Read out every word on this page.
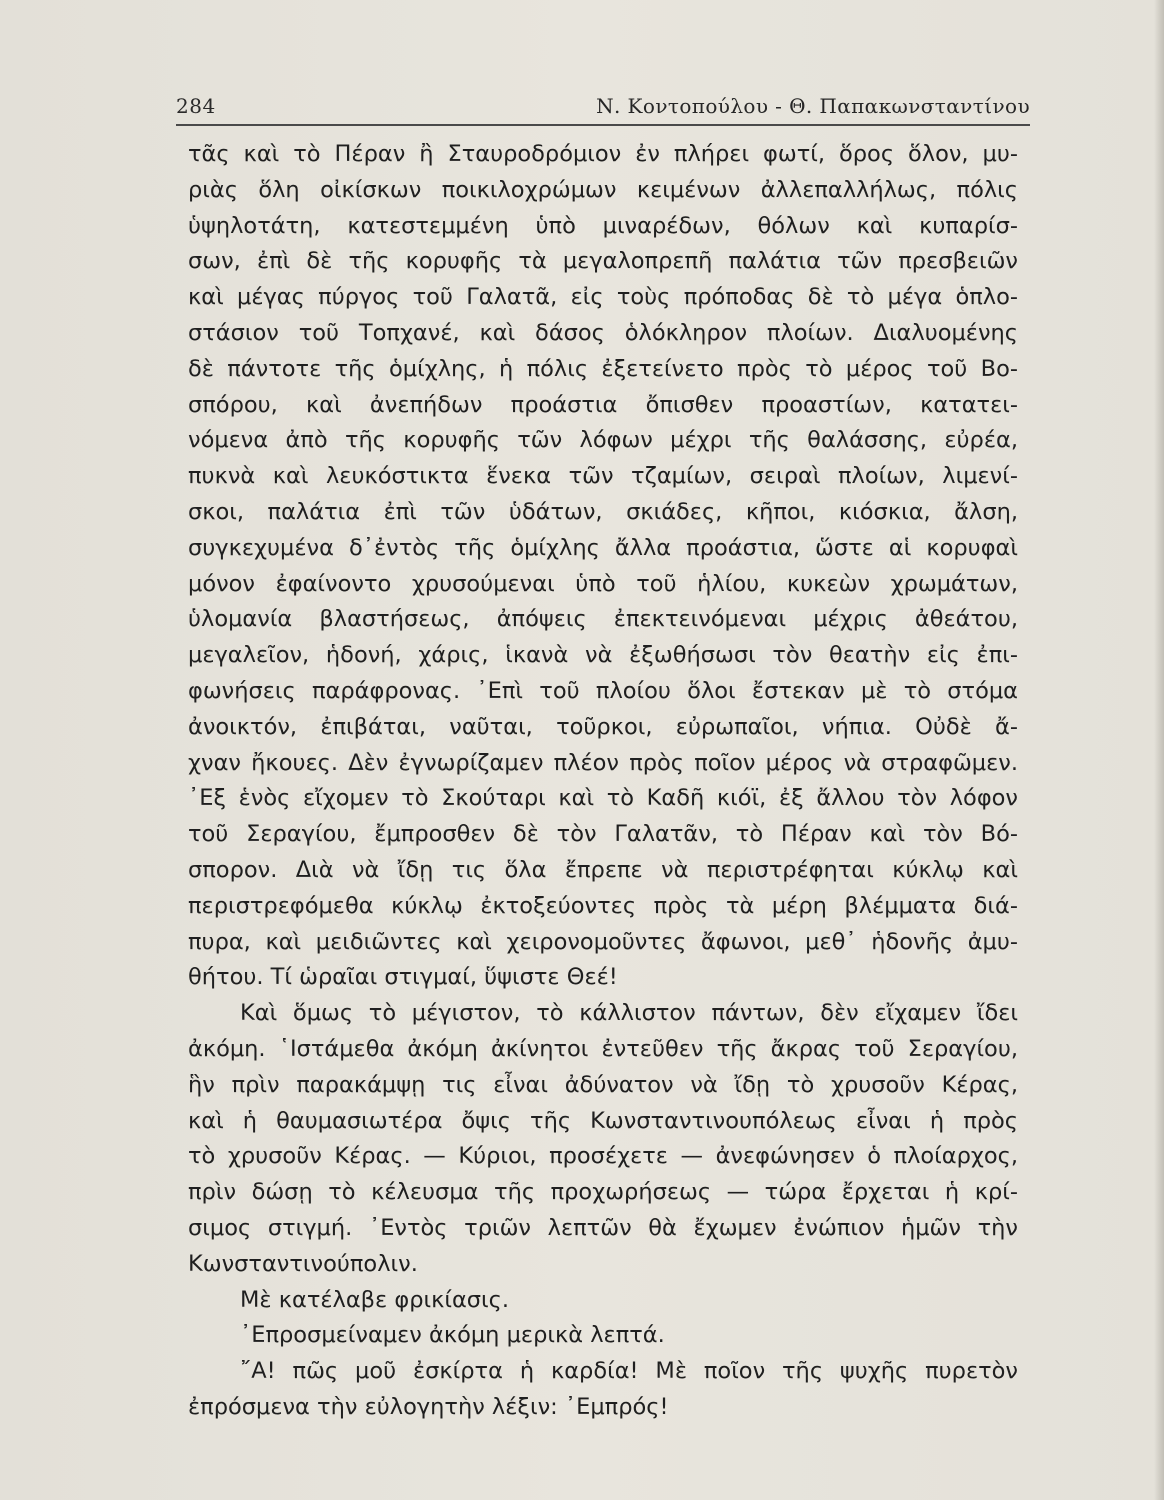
284	Ν. Κοντοπούλου - Θ. Παπακωνσταντίνου
τᾶς καὶ τὸ Πέραν ἢ Σταυροδρόμιον ἐν πλήρει φωτί, ὅρος ὅλον, μυ-
ριὰς ὅλη οἰκίσκων ποικιλοχρώμων κειμένων ἀλλεπαλλήλως, πόλις
ὑψηλοτάτη, κατεστεμμένη ὑπὸ μιναρέδων, θόλων καὶ κυπαρίσ-
σων, ἐπὶ δὲ τῆς κορυφῆς τὰ μεγαλοπρεπῆ παλάτια τῶν πρεσβειῶν
καὶ μέγας πύργος τοῦ Γαλατᾶ, εἰς τοὺς πρόποδας δὲ τὸ μέγα ὁπλο-
στάσιον τοῦ Τοπχανέ, καὶ δάσος ὁλόκληρον πλοίων. Διαλυομένης
δὲ πάντοτε τῆς ὁμίχλης, ἡ πόλις ἐξετείνετο πρὸς τὸ μέρος τοῦ Βο-
σπόρου, καὶ ἀνεπήδων προάστια ὄπισθεν προαστίων, κατατει-
νόμενα ἀπὸ τῆς κορυφῆς τῶν λόφων μέχρι τῆς θαλάσσης, εὐρέα,
πυκνὰ καὶ λευκόστικτα ἕνεκα τῶν τζαμίων, σειραὶ πλοίων, λιμενί-
σκοι, παλάτια ἐπὶ τῶν ὑδάτων, σκιάδες, κῆποι, κιόσκια, ἄλση,
συγκεχυμένα δ᾿ἐντὸς τῆς ὁμίχλης ἄλλα προάστια, ὥστε αἱ κορυφαὶ
μόνον ἐφαίνοντο χρυσούμεναι ὑπὸ τοῦ ἡλίου, κυκεὼν χρωμάτων,
ὑλομανία βλαστήσεως, ἀπόψεις ἐπεκτεινόμεναι μέχρις ἀθεάτου,
μεγαλεῖον, ἡδονή, χάρις, ἱκανὰ νὰ ἐξωθήσωσι τὸν θεατὴν εἰς ἐπι-
φωνήσεις παράφρονας. ᾿Επὶ τοῦ πλοίου ὅλοι ἔστεκαν μὲ τὸ στόμα
ἀνοικτόν, ἐπιβάται, ναῦται, τοῦρκοι, εὐρωπαῖοι, νήπια. Οὐδὲ ἄ-
χναν ἤκουες. Δὲν ἐγνωρίζαμεν πλέον πρὸς ποῖον μέρος νὰ στραφῶμεν.
᾿Εξ ἑνὸς εἴχομεν τὸ Σκούταρι καὶ τὸ Καδῆ κιόϊ, ἐξ ἄλλου τὸν λόφον
τοῦ Σεραγίου, ἔμπροσθεν δὲ τὸν Γαλατᾶν, τὸ Πέραν καὶ τὸν Βό-
σπορον. Διὰ νὰ ἴδῃ τις ὅλα ἔπρεπε νὰ περιστρέφηται κύκλῳ καὶ
περιστρεφόμεθα κύκλῳ ἐκτοξεύοντες πρὸς τὰ μέρη βλέμματα διά-
πυρα, καὶ μειδιῶντες καὶ χειρονομοῦντες ἄφωνοι, μεθ᾿ ἡδονῆς ἀμυ-
θήτου. Τί ὡραῖαι στιγμαί, ὕψιστε Θεέ!
Καὶ ὅμως τὸ μέγιστον, τὸ κάλλιστον πάντων, δὲν εἴχαμεν ἴδει
ἀκόμη. ῾Ιστάμεθα ἀκόμη ἀκίνητοι ἐντεῦθεν τῆς ἄκρας τοῦ Σεραγίου,
ἣν πρὶν παρακάμψῃ τις εἶναι ἀδύνατον νὰ ἴδῃ τὸ χρυσοῦν Κέρας,
καὶ ἡ θαυμασιωτέρα ὄψις τῆς Κωνσταντινουπόλεως εἶναι ἡ πρὸς
τὸ χρυσοῦν Κέρας. — Κύριοι, προσέχετε — ἀνεφώνησεν ὁ πλοίαρχος,
πρὶν δώσῃ τὸ κέλευσμα τῆς προχωρήσεως — τώρα ἔρχεται ἡ κρί-
σιμος στιγμή. ᾿Εντὸς τριῶν λεπτῶν θὰ ἔχωμεν ἐνώπιον ἡμῶν τὴν
Κωνσταντινούπολιν.
Μὲ κατέλαβε φρικίασις.
᾿Επροσμείναμεν ἀκόμη μερικὰ λεπτά.
῎Α! πῶς μοῦ ἐσκίρτα ἡ καρδία! Μὲ ποῖον τῆς ψυχῆς πυρετὸν
ἐπρόσμενα τὴν εὐλογητὴν λέξιν: ᾿Εμπρός!
